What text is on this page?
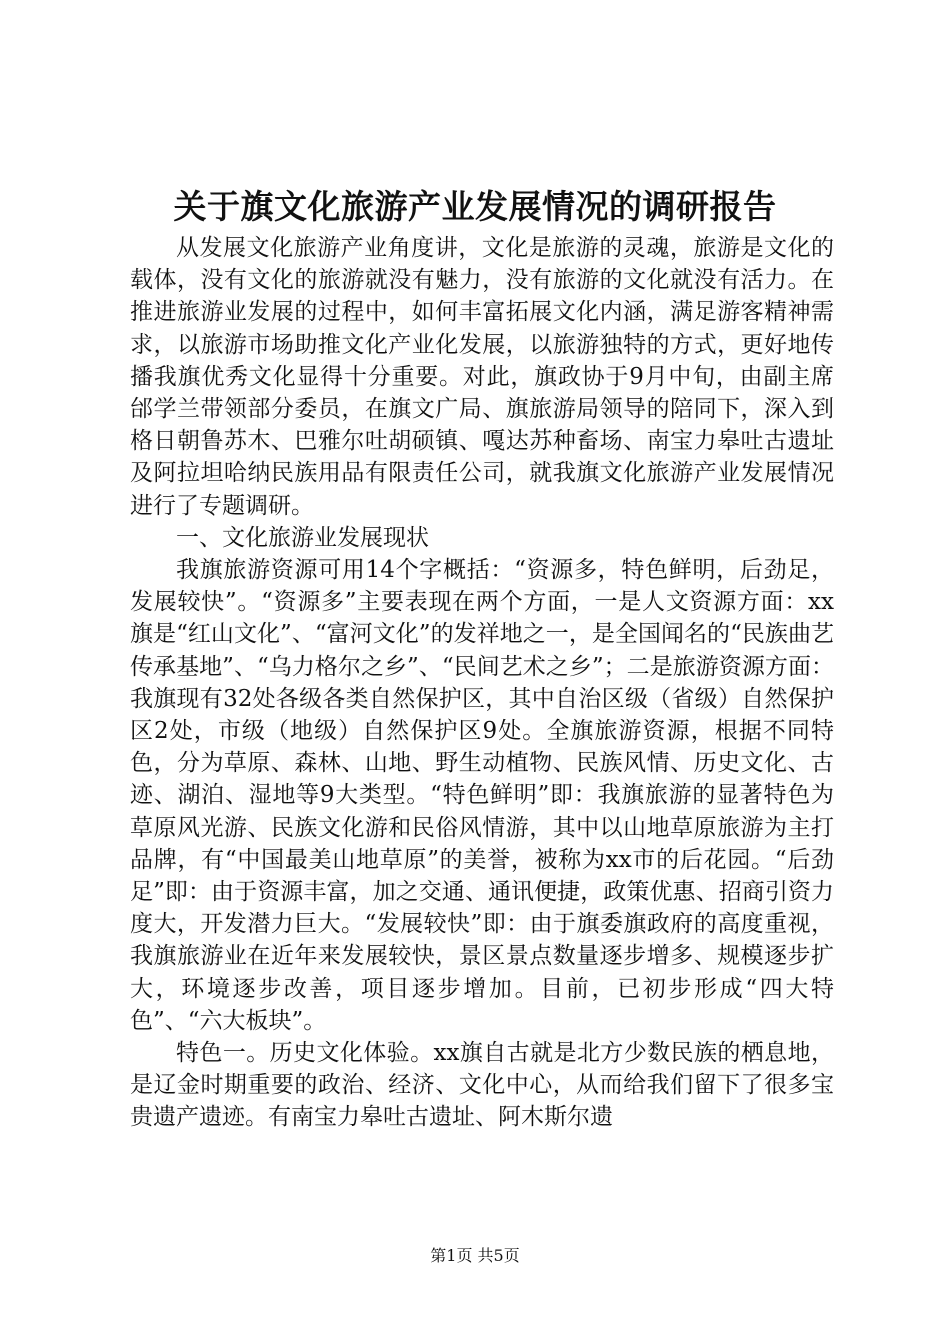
关于旗文化旅游产业发展情况的调研报告

从发展文化旅游产业角度讲，文化是旅游的灵魂，旅游是文化的载体，没有文化的旅游就没有魅力，没有旅游的文化就没有活力。在推进旅游业发展的过程中，如何丰富拓展文化内涵，满足游客精神需求，以旅游市场助推文化产业化发展，以旅游独特的方式，更好地传播我旗优秀文化显得十分重要。对此，旗政协于9月中旬，由副主席邰学兰带领部分委员，在旗文广局、旗旅游局领导的陪同下，深入到格日朝鲁苏木、巴雅尔吐胡硕镇、嘎达苏种畜场、南宝力皋吐古遗址及阿拉坦哈纳民族用品有限责任公司，就我旗文化旅游产业发展情况进行了专题调研。

一、文化旅游业发展现状

我旗旅游资源可用14个字概括：“资源多，特色鲜明，后劲足，发展较快”。“资源多”主要表现在两个方面，一是人文资源方面：xx旗是“红山文化”、“富河文化”的发祥地之一，是全国闻名的“民族曲艺传承基地”、“乌力格尔之乡”、“民间艺术之乡”；二是旅游资源方面：我旗现有32处各级各类自然保护区，其中自治区级（省级）自然保护区2处，市级（地级）自然保护区9处。全旗旅游资源，根据不同特色，分为草原、森林、山地、野生动植物、民族风情、历史文化、古迹、湖泊、湿地等9大类型。“特色鲜明”即：我旗旅游的显著特色为草原风光游、民族文化游和民俗风情游，其中以山地草原旅游为主打品牌，有“中国最美山地草原”的美誉，被称为xx市的后花园。“后劲足”即：由于资源丰富，加之交通、通讯便捷，政策优惠、招商引资力度大，开发潜力巨大。“发展较快”即：由于旗委旗政府的高度重视，我旗旅游业在近年来发展较快，景区景点数量逐步增多、规模逐步扩大，环境逐步改善，项目逐步增加。目前，已初步形成“四大特色”、“六大板块”。

特色一。历史文化体验。xx旗自古就是北方少数民族的栖息地，是辽金时期重要的政治、经济、文化中心，从而给我们留下了很多宝贵遗产遗迹。有南宝力皋吐古遗址、阿木斯尔遗

第1页 共5页
